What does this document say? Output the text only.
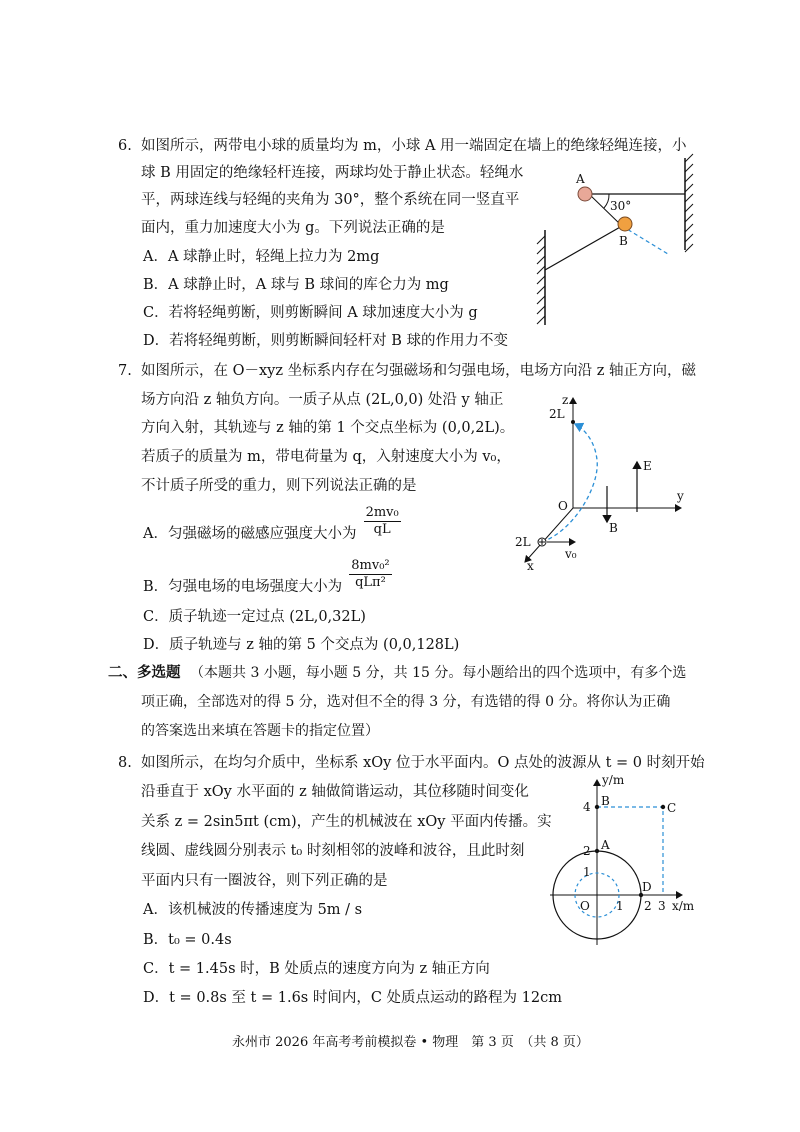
6. 如图所示，两带电小球的质量均为 m，小球 A 用一端固定在墙上的绝缘轻绳连接，小
球 B 用固定的绝缘轻杆连接，两球均处于静止状态。轻绳水
平，两球连线与轻绳的夹角为 30°，整个系统在同一竖直平
面内，重力加速度大小为 g。下列说法正确的是
A．A 球静止时，轻绳上拉力为 2mg
B．A 球静止时，A 球与 B 球间的库仑力为 mg
C．若将轻绳剪断，则剪断瞬间 A 球加速度大小为 g
D．若将轻绳剪断，则剪断瞬间轻杆对 B 球的作用力不变
30°
A
B
7. 如图所示，在 O－xyz 坐标系内存在匀强磁场和匀强电场，电场方向沿 z 轴正方向，磁
场方向沿 z 轴负方向。一质子从点 (2L,0,0) 处沿 y 轴正
方向入射，其轨迹与 z 轴的第 1 个交点坐标为 (0,0,2L)。
若质子的质量为 m，带电荷量为 q，入射速度大小为 v₀，
不计质子所受的重力，则下列说法正确的是
A．匀强磁场的磁感应强度大小为 $\frac{\text{2mv₀}}{qL}$
B．匀强电场的电场强度大小为
8mv₀²
qLπ²
C．质子轨迹一定过点 (2L,0,32L)
D．质子轨迹与 z 轴的第 5 个交点为 (0,0,128L)
z
y
x
O
2L
E
B
2L
v₀
二、多选题 （本题共 3 小题，每小题 5 分，共 15 分。每小题给出的四个选项中，有多个选
项正确，全部选对的得 5 分，选对但不全的得 3 分，有选错的得 0 分。将你认为正确
的答案选出来填在答题卡的指定位置）
8. 如图所示，在均匀介质中，坐标系 xOy 位于水平面内。O 点处的波源从 t = 0 时刻开始
沿垂直于 xOy 水平面的 z 轴做简谐运动，其位移随时间变化
关系 z = 2sin5πt (cm)，产生的机械波在 xOy 平面内传播。实
线圆、虚线圆分别表示 t₀ 时刻相邻的波峰和波谷，且此时刻
平面内只有一圈波谷，则下列正确的是
A．该机械波的传播速度为 5m / s
B．t₀ = 0.4s
C．t = 1.45s 时，B 处质点的速度方向为 z 轴正方向
D．t = 0.8s 至 t = 1.6s 时间内，C 处质点运动的路程为 12cm
y/m
x/m
O
B	C
A
D
4
2
1
1 2 3
永州市 2026 年高考考前模拟卷 • 物理　第 3 页　（共 8 页）
